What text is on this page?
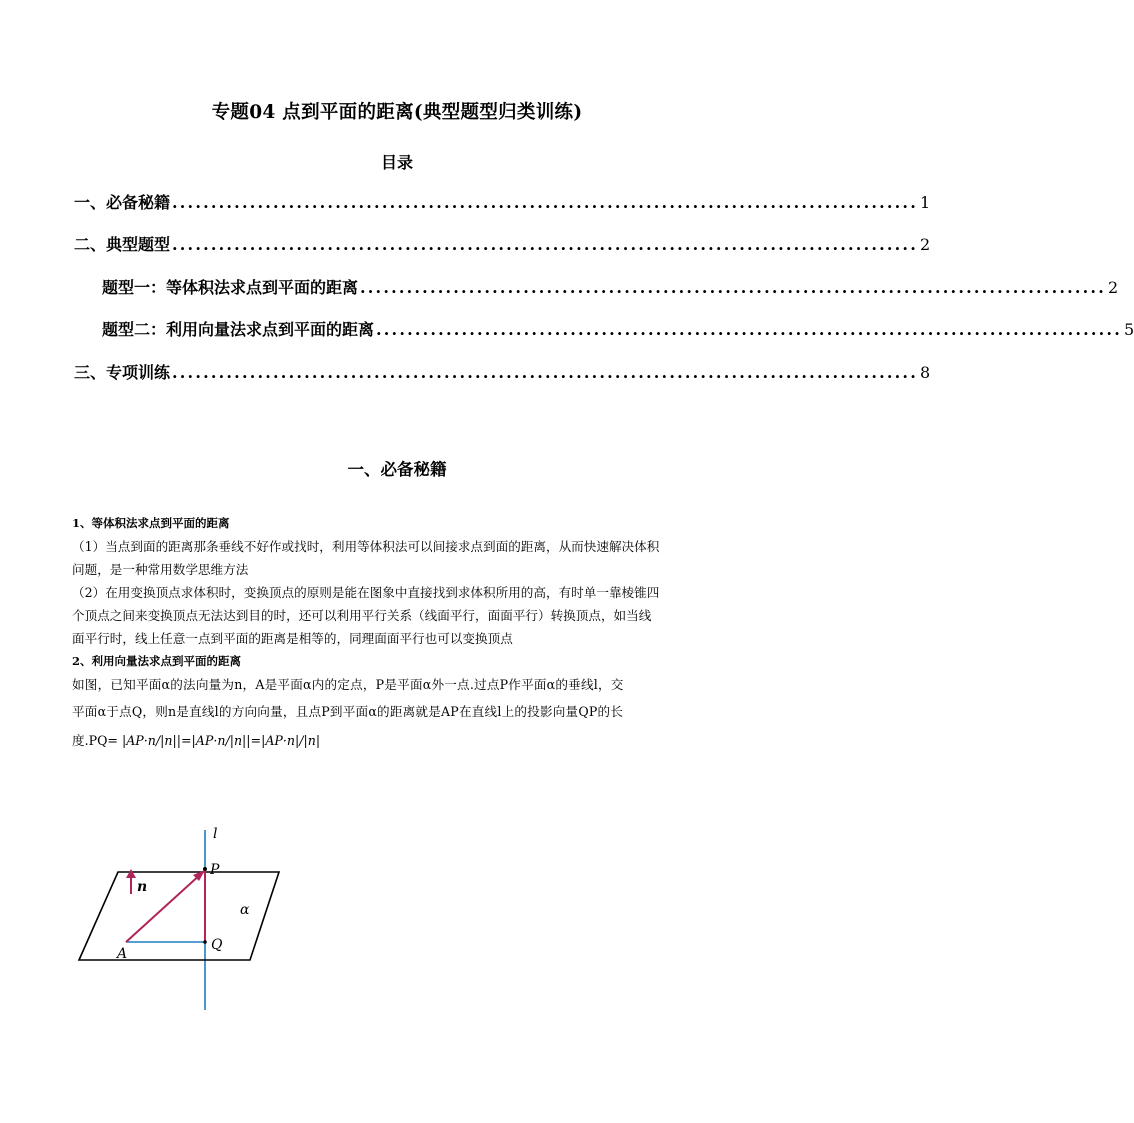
专题04 点到平面的距离(典型题型归类训练)
目录
一、必备秘籍 ................................................................................................ 1
二、典型题型 ................................................................................................ 2
题型一：等体积法求点到平面的距离 ................................................................................................ 2
题型二：利用向量法求点到平面的距离 ................................................................................................ 5
三、专项训练 ................................................................................................ 8
一、必备秘籍
1、等体积法求点到平面的距离
（1）当点到面的距离那条垂线不好作或找时，利用等体积法可以间接求点到面的距离，从而快速解决体积
问题，是一种常用数学思维方法
（2）在用变换顶点求体积时，变换顶点的原则是能在图象中直接找到求体积所用的高，有时单一靠棱锥四
个顶点之间来变换顶点无法达到目的时，还可以利用平行关系（线面平行，面面平行）转换顶点，如当线
面平行时，线上任意一点到平面的距离是相等的，同理面面平行也可以变换顶点
2、利用向量法求点到平面的距离
如图，已知平面α的法向量为n，A是平面α内的定点，P是平面α外一点.过点P作平面α的垂线l，交
平面α于点Q，则n是直线l的方向向量，且点P到平面α的距离就是AP在直线l上的投影向量QP的长
度.PQ= |AP·n/|n||=|AP·n/|n||=|AP·n|/|n|
l
P
n
α
A
Q
